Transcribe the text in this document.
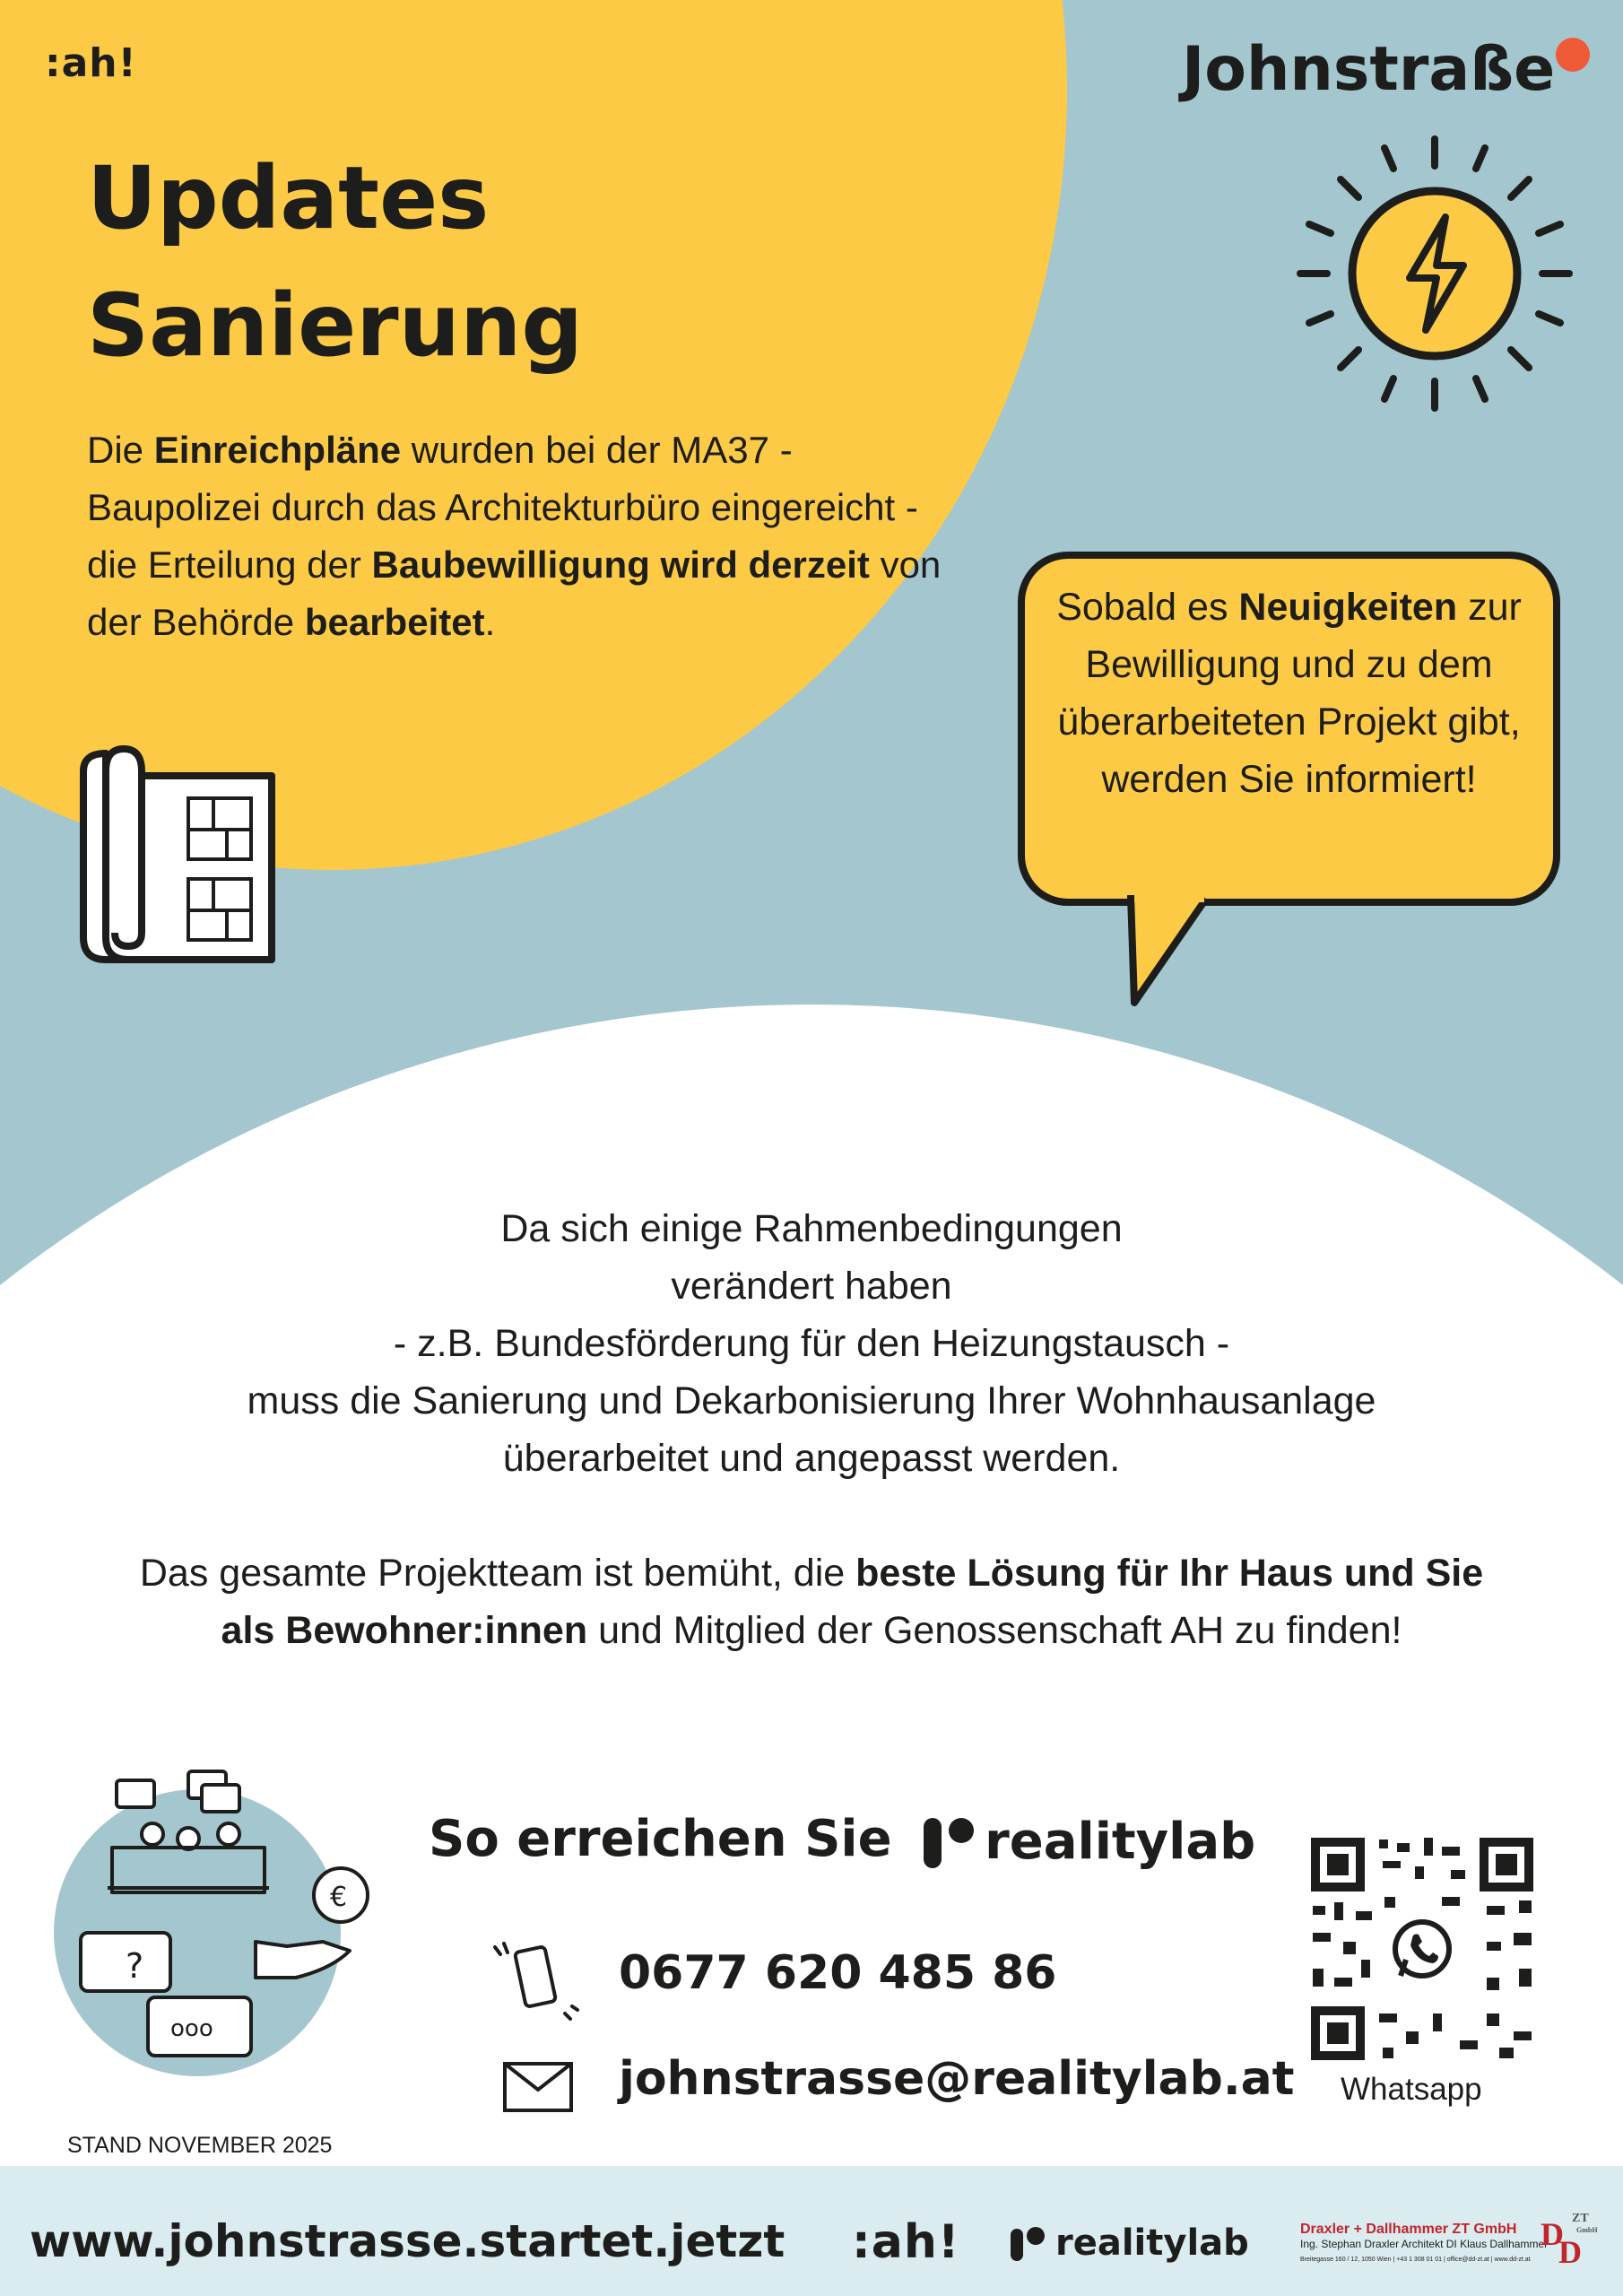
:ah!	Johnstraße
Updates
Sanierung
Die Einreichpläne wurden bei der MA37 - Baupolizei durch das Architekturbüro eingereicht - die Erteilung der Baubewilligung wird derzeit von der Behörde bearbeitet.	Sobald es Neuigkeiten zur Bewilligung und zu dem überarbeiteten Projekt gibt, werden Sie informiert!
Da sich einige Rahmenbedingungen
verändert haben
- z.B. Bundesförderung für den Heizungstausch -
muss die Sanierung und Dekarbonisierung Ihrer Wohnhausanlage
überarbeitet und angepasst werden.
Das gesamte Projektteam ist bemüht, die beste Lösung für Ihr Haus und Sie als Bewohner:innen und Mitglied der Genossenschaft AH zu finden!
?
ooo
€
So erreichen Sie realitylab
0677 620 485 86
johnstrasse@realitylab.at Whatsapp
STAND NOVEMBER 2025
www.johnstrasse.startet.jetzt :ah!	realitylab	Draxler + Dallhammer ZT GmbH
Ing. Stephan Draxler Architekt DI Klaus Dallhammer
Breitegasse 160 / 12, 1050 Wien | +43 1 308 01 01 | office@dd-zt.at | www.dd-zt.at
D
D
ZT
GmbH
